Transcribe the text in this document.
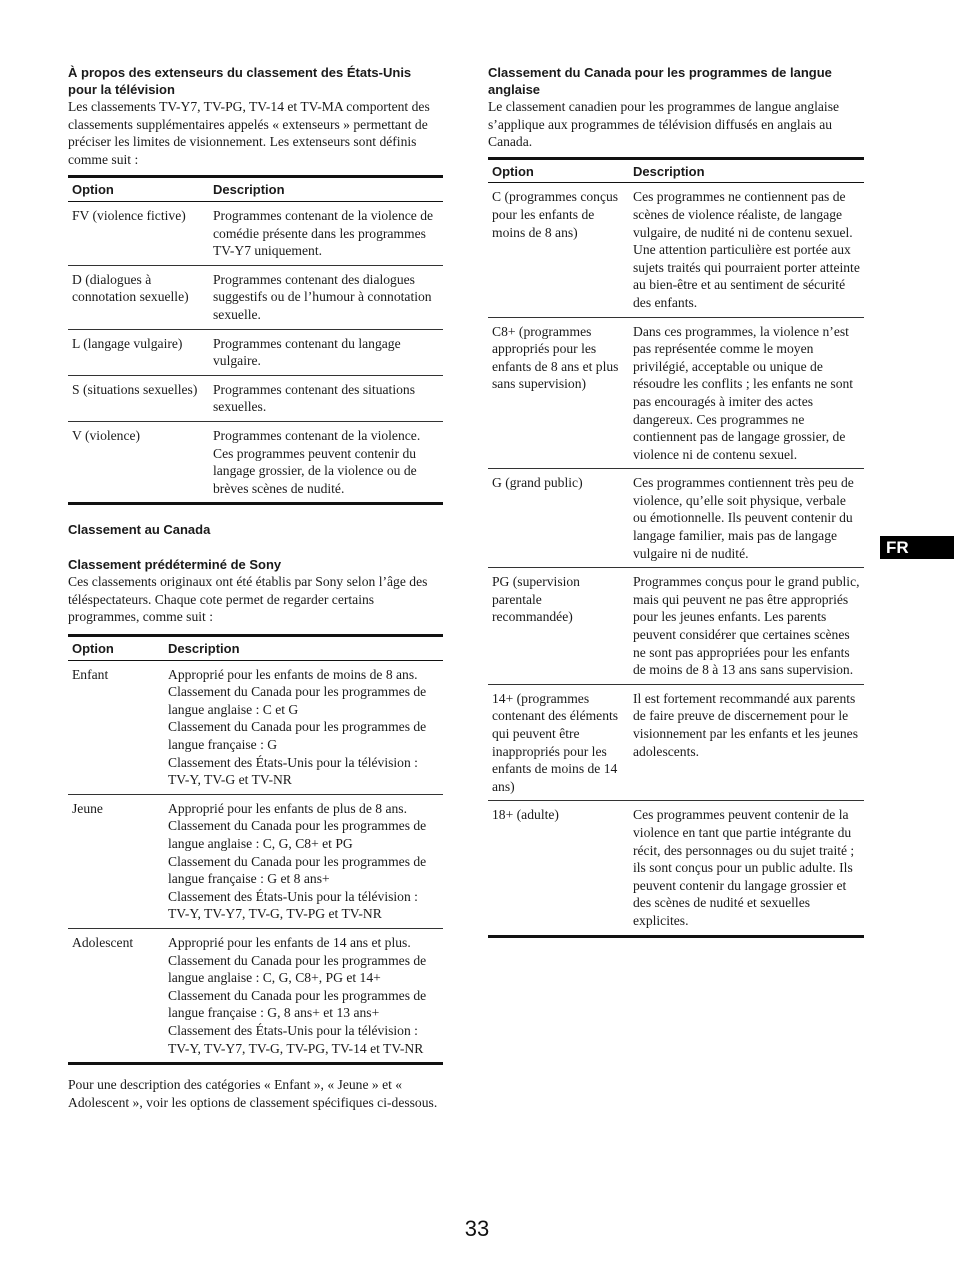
À propos des extenseurs du classement des États-Unis pour la télévision

Les classements TV-Y7, TV-PG, TV-14 et TV-MA comportent des classements supplémentaires appelés « extenseurs » permettant de préciser les limites de visionnement. Les extenseurs sont définis comme suit :

Option	Description
FV (violence fictive)	Programmes contenant de la violence de comédie présente dans les programmes TV-Y7 uniquement.
D (dialogues à connotation sexuelle)	Programmes contenant des dialogues suggestifs ou de l’humour à connotation sexuelle.
L (langage vulgaire)	Programmes contenant du langage vulgaire.
S (situations sexuelles)	Programmes contenant des situations sexuelles.
V (violence)	Programmes contenant de la violence. Ces programmes peuvent contenir du langage grossier, de la violence ou de brèves scènes de nudité.

Classement au Canada

Classement prédéterminé de Sony

Ces classements originaux ont été établis par Sony selon l’âge des téléspectateurs. Chaque cote permet de regarder certains programmes, comme suit :

Option	Description
Enfant	Approprié pour les enfants de moins de 8 ans.
Classement du Canada pour les programmes de langue anglaise : C et G
Classement du Canada pour les programmes de langue française : G
Classement des États-Unis pour la télévision : TV-Y, TV-G et TV-NR

Jeune	Approprié pour les enfants de plus de 8 ans.
Classement du Canada pour les programmes de langue anglaise : C, G, C8+ et PG
Classement du Canada pour les programmes de langue française : G et 8 ans+
Classement des États-Unis pour la télévision : TV-Y, TV-Y7, TV-G, TV-PG et TV-NR

Adolescent	Approprié pour les enfants de 14 ans et plus.
Classement du Canada pour les programmes de langue anglaise : C, G, C8+, PG et 14+
Classement du Canada pour les programmes de langue française : G, 8 ans+ et 13 ans+
Classement des États-Unis pour la télévision : TV-Y, TV-Y7, TV-G, TV-PG, TV-14 et TV-NR

Pour une description des catégories « Enfant », « Jeune » et « Adolescent », voir les options de classement spécifiques ci-dessous.

Classement du Canada pour les programmes de langue anglaise

Le classement canadien pour les programmes de langue anglaise s’applique aux programmes de télévision diffusés en anglais au Canada.

Option	Description
C (programmes conçus pour les enfants de moins de 8 ans)	Ces programmes ne contiennent pas de scènes de violence réaliste, de langage vulgaire, de nudité ni de contenu sexuel. Une attention particulière est portée aux sujets traités qui pourraient porter atteinte au bien-être et au sentiment de sécurité des enfants.
C8+ (programmes appropriés pour les enfants de 8 ans et plus sans supervision)	Dans ces programmes, la violence n’est pas représentée comme le moyen privilégié, acceptable ou unique de résoudre les conflits ; les enfants ne sont pas encouragés à imiter des actes dangereux. Ces programmes ne contiennent pas de langage grossier, de violence ni de contenu sexuel.
G (grand public)	Ces programmes contiennent très peu de violence, qu’elle soit physique, verbale ou émotionnelle. Ils peuvent contenir du langage familier, mais pas de langage vulgaire ni de nudité.
PG (supervision parentale recommandée)	Programmes conçus pour le grand public, mais qui peuvent ne pas être appropriés pour les jeunes enfants. Les parents peuvent considérer que certaines scènes ne sont pas appropriées pour les enfants de moins de 8 à 13 ans sans supervision.
14+ (programmes contenant des éléments qui peuvent être inappropriés pour les enfants de moins de 14 ans)	Il est fortement recommandé aux parents de faire preuve de discernement pour le visionnement par les enfants et les jeunes adolescents.
18+ (adulte)	Ces programmes peuvent contenir de la violence en tant que partie intégrante du récit, des personnages ou du sujet traité ; ils sont conçus pour un public adulte. Ils peuvent contenir du langage grossier et des scènes de nudité et sexuelles explicites.
FR
33
